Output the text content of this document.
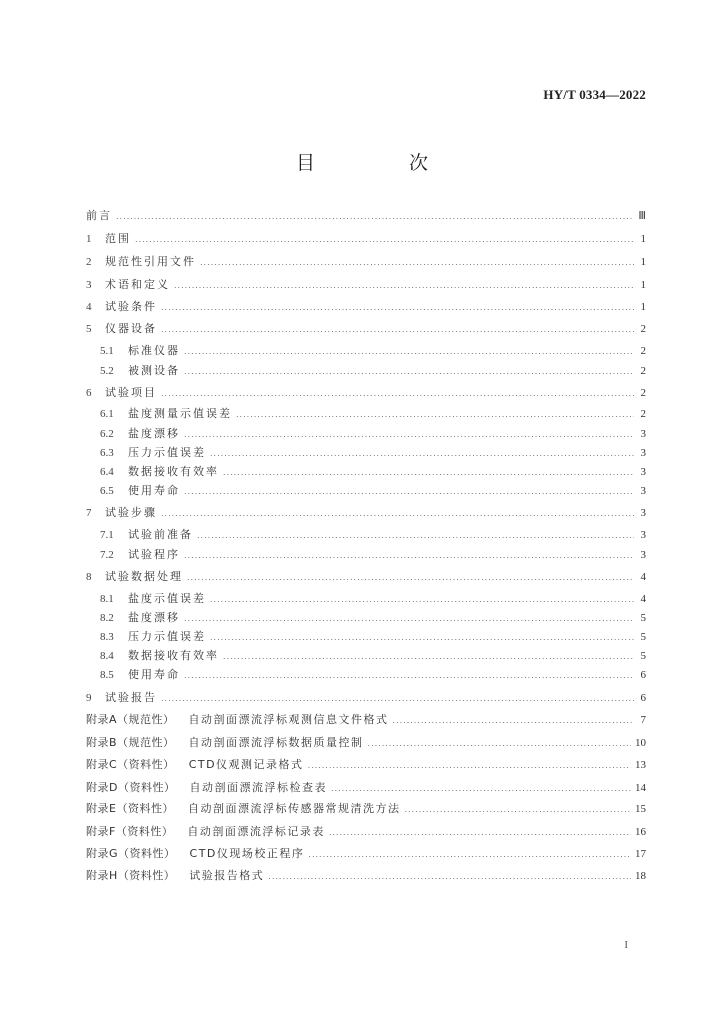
HY/T 0334—2022
目 次
前言 .....	Ⅲ
1	范围 .....	1
2	规范性引用文件 .....	1
3	术语和定义 .....	1
4	试验条件 .....	1
5	仪器设备 .....	2
5.1	标准仪器 .....	2
5.2	被测设备 .....	2
6	试验项目 .....	2
6.1	盐度测量示值误差 .....	2
6.2	盐度漂移 .....	3
6.3	压力示值误差 .....	3
6.4	数据接收有效率 .....	3
6.5	使用寿命 .....	3
7	试验步骤 .....	3
7.1	试验前准备 .....	3
7.2	试验程序 .....	3
8	试验数据处理 .....	4
8.1	盐度示值误差 .....	4
8.2	盐度漂移 .....	5
8.3	压力示值误差 .....	5
8.4	数据接收有效率 .....	5
8.5	使用寿命 .....	6
9	试验报告 .....	6
附录A（规范性） 自动剖面漂流浮标观测信息文件格式 .....	7
附录B（规范性） 自动剖面漂流浮标数据质量控制 .....	10
附录C（资料性） CTD仪观测记录格式 .....	13
附录D（资料性） 自动剖面漂流浮标检查表 .....	14
附录E（资料性） 自动剖面漂流浮标传感器常规清洗方法 .....	15
附录F（资料性） 自动剖面漂流浮标记录表 .....	16
附录G（资料性） CTD仪现场校正程序 .....	17
附录H（资料性） 试验报告格式 .....	18
I
